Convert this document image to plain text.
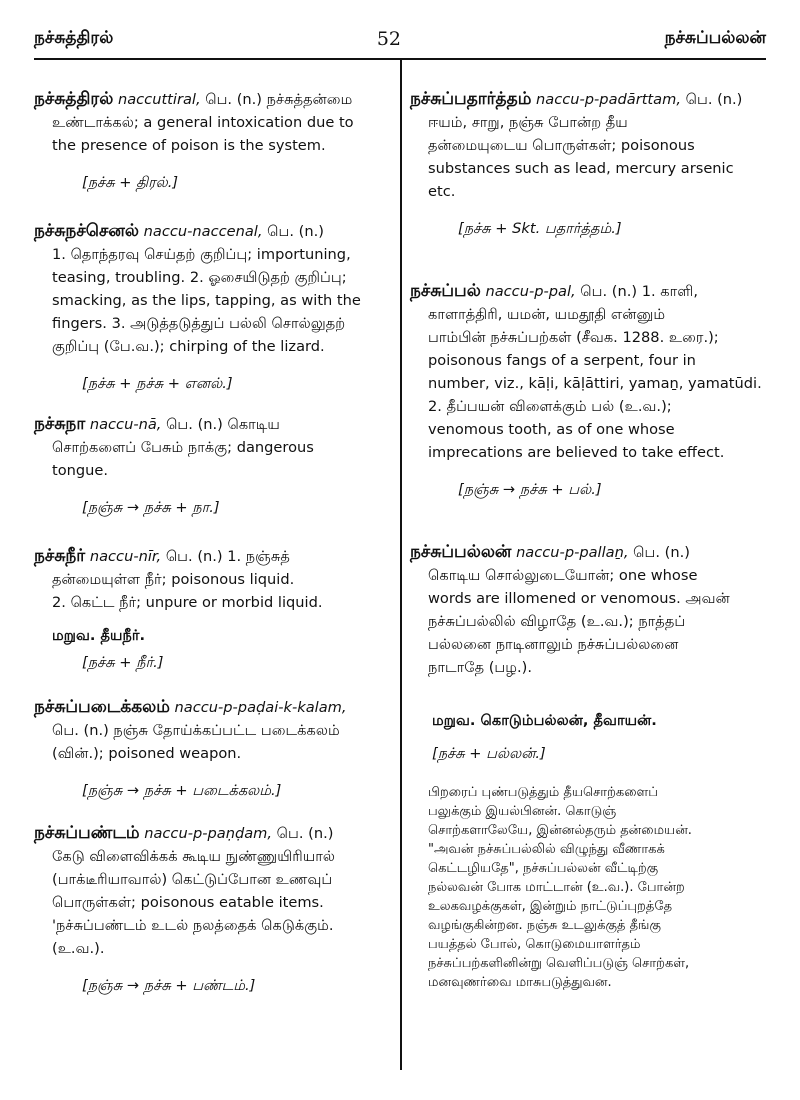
நச்சுத்திரல்	52	நச்சுப்பல்லன்

நச்சுத்திரல் naccuttiral, பெ. (n.) நச்சுத்தன்மை

உண்டாக்கல்; a general intoxication due to

the presence of poison is the system.

[நச்சு + திரல்.]

நச்சுநச்செனல் naccu-naccenal, பெ. (n.)

1. தொந்தரவு செய்தற் குறிப்பு; importuning,

teasing, troubling. 2. ஓசையிடுதற் குறிப்பு;

smacking, as the lips, tapping, as with the

fingers. 3. அடுத்தடுத்துப் பல்லி சொல்லுதற்

குறிப்பு (பே.வ.); chirping of the lizard.

[நச்சு + நச்சு + எனல்.]

நச்சுநா naccu-nā, பெ. (n.) கொடிய

சொற்களைப் பேசும் நாக்கு; dangerous

tongue.

[நஞ்சு → நச்சு + நா.]

நச்சுநீர் naccu-nīr, பெ. (n.) 1. நஞ்சுத்

தன்மையுள்ள நீர்; poisonous liquid.

2. கெட்ட நீர்; unpure or morbid liquid.

மறுவ. தீயநீர்.

[நச்சு + நீர்.]

நச்சுப்படைக்கலம் naccu-p-paḍai-k-kalam,

பெ. (n.) நஞ்சு தோய்க்கப்பட்ட படைக்கலம்

(வின்.); poisoned weapon.

[நஞ்சு → நச்சு + படைக்கலம்.]

நச்சுப்பண்டம் naccu-p-paṇḍam, பெ. (n.)

கேடு விளைவிக்கக் கூடிய நுண்ணுயிரியால்

(பாக்டீரியாவால்) கெட்டுப்போன உணவுப்

பொருள்கள்; poisonous eatable items.

'நச்சுப்பண்டம் உடல் நலத்தைக் கெடுக்கும்.

(உ.வ.).

[நஞ்சு → நச்சு + பண்டம்.]

நச்சுப்பதார்த்தம் naccu-p-padārttam, பெ. (n.)

ஈயம், சாறு, நஞ்சு போன்ற தீய

தன்மையுடைய பொருள்கள்; poisonous

substances such as lead, mercury arsenic

etc.

[நச்சு + Skt. பதார்த்தம்.]

நச்சுப்பல் naccu-p-pal, பெ. (n.) 1. காளி,

காளாத்திரி, யமன், யமதூதி என்னும்

பாம்பின் நச்சுப்பற்கள் (சீவக. 1288. உரை.);

poisonous fangs of a serpent, four in

number, viz., kāḷi, kāḷāttiri, yamaṉ, yamatūdi.

2. தீப்பயன் விளைக்கும் பல் (உ.வ.);

venomous tooth, as of one whose

imprecations are believed to take effect.

[நஞ்சு → நச்சு + பல்.]

நச்சுப்பல்லன் naccu-p-pallaṉ, பெ. (n.)

கொடிய சொல்லுடையோன்; one whose

words are illomened or venomous. அவன்

நச்சுப்பல்லில் விழாதே (உ.வ.); நாத்தப்

பல்லனை நாடினாலும் நச்சுப்பல்லனை

நாடாதே (பழ.).

மறுவ. கொடும்பல்லன், தீவாயன்.

[நச்சு + பல்லன்.]

பிறரைப் புண்படுத்தும் தீயசொற்களைப்

பலுக்கும் இயல்பினன். கொடுஞ்

சொற்களாலேயே, இன்னல்தரும் தன்மையன்.

"அவன் நச்சுப்பல்லில் விழுந்து வீணாகக்

கெட்டழியதே", நச்சுப்பல்லன் வீட்டிற்கு

நல்லவன் போக மாட்டான் (உ.வ.). போன்ற

உலகவழக்குகள், இன்றும் நாட்டுப்புறத்தே

வழங்குகின்றன. நஞ்சு உடலுக்குத் தீங்கு

பயத்தல் போல், கொடுமையாளர்தம்

நச்சுப்பற்களினின்று வெளிப்படுஞ் சொற்கள்,

மனவுணர்வை மாசுபடுத்துவன.
